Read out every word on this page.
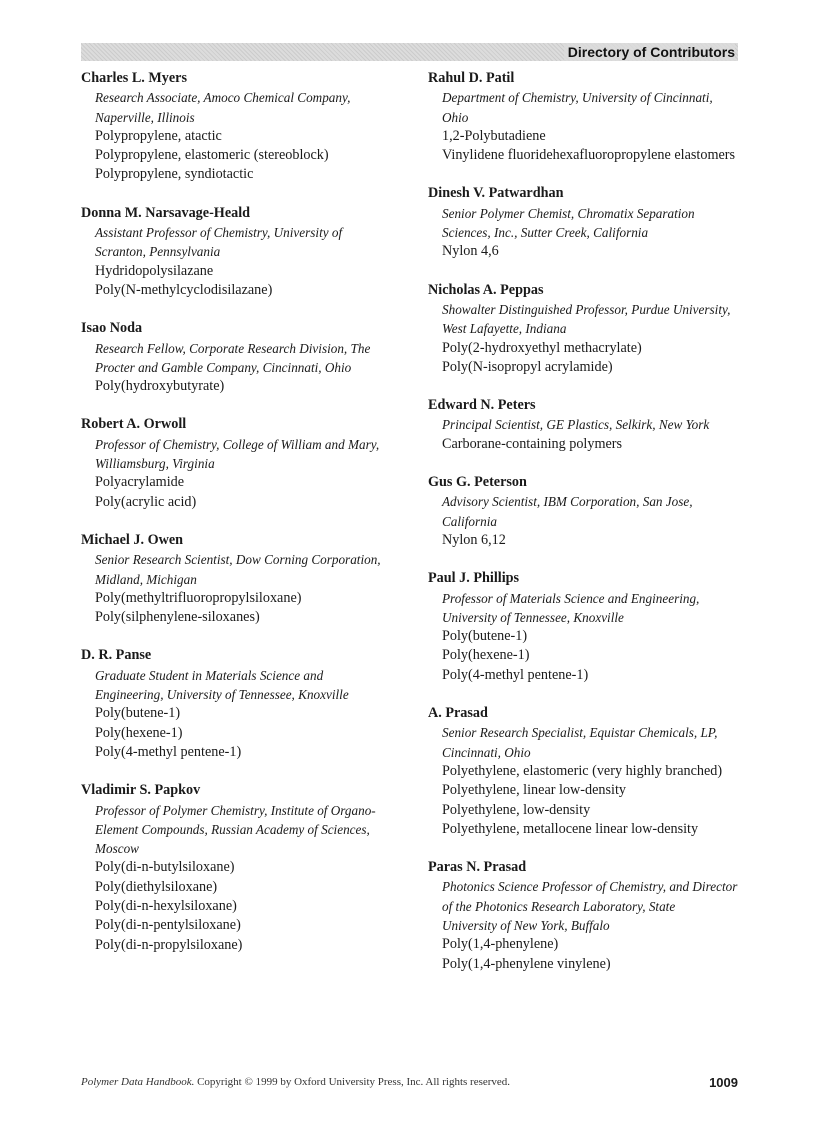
Directory of Contributors
Charles L. Myers
Research Associate, Amoco Chemical Company,
Naperville, Illinois
Polypropylene, atactic
Polypropylene, elastomeric (stereoblock)
Polypropylene, syndiotactic
Donna M. Narsavage-Heald
Assistant Professor of Chemistry, University of
Scranton, Pennsylvania
Hydridopolysilazane
Poly(N-methylcyclodisilazane)
Isao Noda
Research Fellow, Corporate Research Division, The
Procter and Gamble Company, Cincinnati, Ohio
Poly(hydroxybutyrate)
Robert A. Orwoll
Professor of Chemistry, College of William and Mary,
Williamsburg, Virginia
Polyacrylamide
Poly(acrylic acid)
Michael J. Owen
Senior Research Scientist, Dow Corning Corporation,
Midland, Michigan
Poly(methyltrifluoropropylsiloxane)
Poly(silphenylene-siloxanes)
D. R. Panse
Graduate Student in Materials Science and
Engineering, University of Tennessee, Knoxville
Poly(butene-1)
Poly(hexene-1)
Poly(4-methyl pentene-1)
Vladimir S. Papkov
Professor of Polymer Chemistry, Institute of Organo-
Element Compounds, Russian Academy of Sciences,
Moscow
Poly(di-n-butylsiloxane)
Poly(diethylsiloxane)
Poly(di-n-hexylsiloxane)
Poly(di-n-pentylsiloxane)
Poly(di-n-propylsiloxane)
Rahul D. Patil
Department of Chemistry, University of Cincinnati,
Ohio
1,2-Polybutadiene
Vinylidene fluoridehexafluoropropylene elastomers
Dinesh V. Patwardhan
Senior Polymer Chemist, Chromatix Separation
Sciences, Inc., Sutter Creek, California
Nylon 4,6
Nicholas A. Peppas
Showalter Distinguished Professor, Purdue University,
West Lafayette, Indiana
Poly(2-hydroxyethyl methacrylate)
Poly(N-isopropyl acrylamide)
Edward N. Peters
Principal Scientist, GE Plastics, Selkirk, New York
Carborane-containing polymers
Gus G. Peterson
Advisory Scientist, IBM Corporation, San Jose,
California
Nylon 6,12
Paul J. Phillips
Professor of Materials Science and Engineering,
University of Tennessee, Knoxville
Poly(butene-1)
Poly(hexene-1)
Poly(4-methyl pentene-1)
A. Prasad
Senior Research Specialist, Equistar Chemicals, LP,
Cincinnati, Ohio
Polyethylene, elastomeric (very highly branched)
Polyethylene, linear low-density
Polyethylene, low-density
Polyethylene, metallocene linear low-density
Paras N. Prasad
Photonics Science Professor of Chemistry, and Director
of the Photonics Research Laboratory, State
University of New York, Buffalo
Poly(1,4-phenylene)
Poly(1,4-phenylene vinylene)
Polymer Data Handbook. Copyright © 1999 by Oxford University Press, Inc. All rights reserved.	1009
